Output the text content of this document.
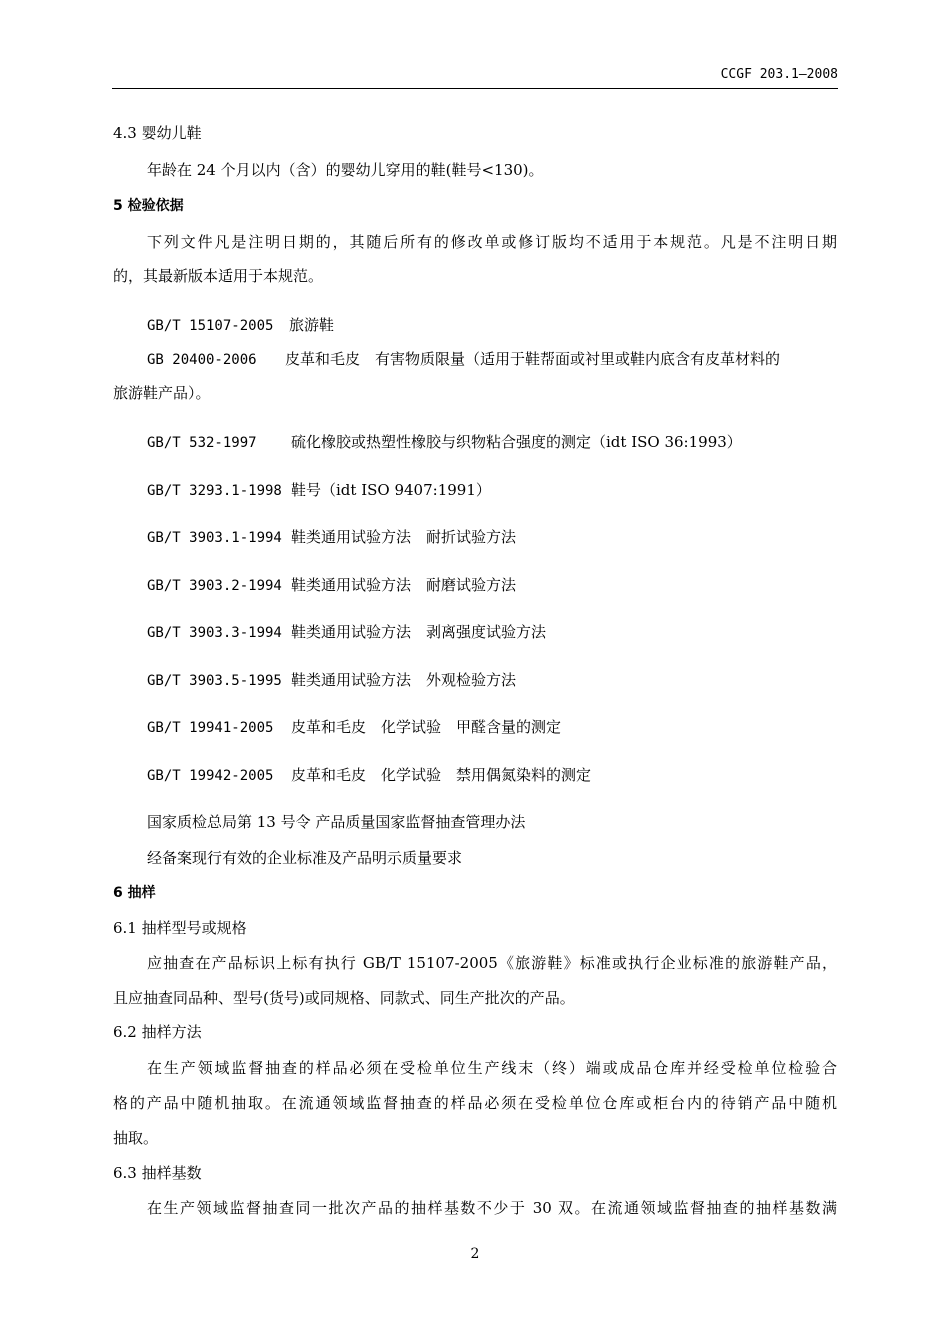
CCGF 203.1—2008
4.3 婴幼儿鞋
年龄在 24 个月以内（含）的婴幼儿穿用的鞋(鞋号<130)。
5 检验依据
下列文件凡是注明日期的，其随后所有的修改单或修订版均不适用于本规范。凡是不注明日期
的，其最新版本适用于本规范。
GB/T 15107-2005 旅游鞋
GB 20400-2006 皮革和毛皮　有害物质限量（适用于鞋帮面或衬里或鞋内底含有皮革材料的
旅游鞋产品）。
GB/T 532-1997 硫化橡胶或热塑性橡胶与织物粘合强度的测定（idt ISO 36:1993）
GB/T 3293.1-1998 鞋号（idt ISO 9407:1991）
GB/T 3903.1-1994 鞋类通用试验方法　耐折试验方法
GB/T 3903.2-1994 鞋类通用试验方法　耐磨试验方法
GB/T 3903.3-1994 鞋类通用试验方法　剥离强度试验方法
GB/T 3903.5-1995 鞋类通用试验方法　外观检验方法
GB/T 19941-2005 皮革和毛皮　化学试验　甲醛含量的测定
GB/T 19942-2005 皮革和毛皮　化学试验　禁用偶氮染料的测定
国家质检总局第 13 号令 产品质量国家监督抽查管理办法
经备案现行有效的企业标准及产品明示质量要求
6 抽样
6.1 抽样型号或规格
应抽查在产品标识上标有执行 GB/T 15107-2005《旅游鞋》标准或执行企业标准的旅游鞋产品，
且应抽查同品种、型号(货号)或同规格、同款式、同生产批次的产品。
6.2 抽样方法
在生产领域监督抽查的样品必须在受检单位生产线末（终）端或成品仓库并经受检单位检验合
格的产品中随机抽取。在流通领域监督抽查的样品必须在受检单位仓库或柜台内的待销产品中随机
抽取。
6.3 抽样基数
在生产领域监督抽查同一批次产品的抽样基数不少于 30 双。在流通领域监督抽查的抽样基数满
2
